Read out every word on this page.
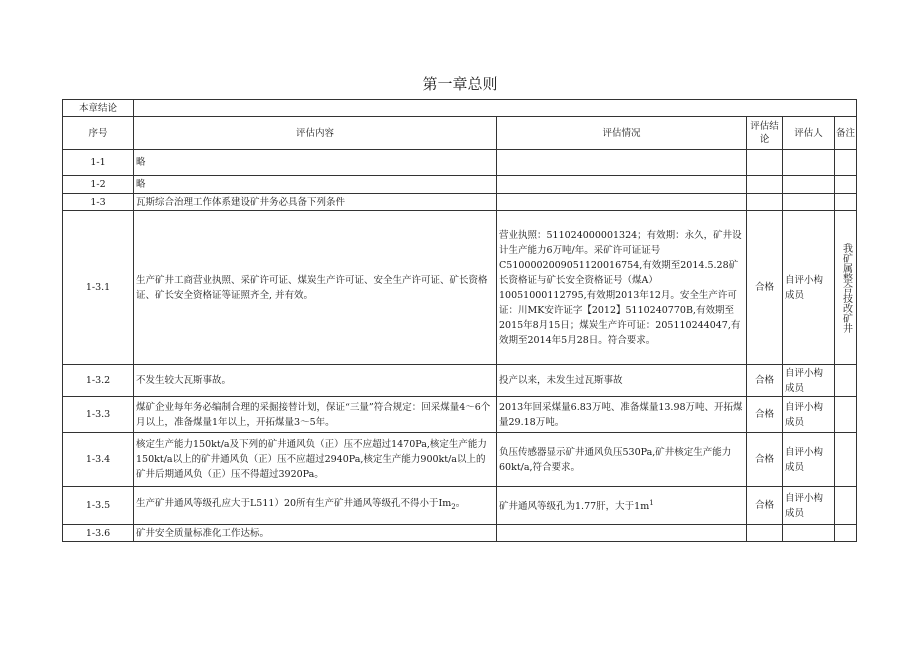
第一章总则
本章结论					
序号	评估内容	评估情况	评估结论	评估人	备注
1-1	略				
1-2	略				
1-3	瓦斯综合治理工作体系建设矿井务必具备下列条件				
1-3.1	生产矿井工商营业执照、采矿许可证、煤炭生产许可证、安全生产许可证、矿长资格证、矿长安全资格证等证照齐全, 并有效。	营业执照：511024000001324；有效期：永久，矿井设计生产能力6万吨/年。采矿许可证证号C5100002009051120016754,有效期至2014.5.28矿长资格证与矿长安全资格证号（煤A）10051000112795,有效期2013年12月。安全生产许可证：川MK安许证字【2012】5110240770B,有效期至2015年8月15日；煤炭生产许可证：205110244047,有效期至2014年5月28日。符合要求。	合格	自评小构成员	我矿属整合技改矿井

1-3.2	不发生较大瓦斯事故。	投产以来，未发生过瓦斯事故	合格	自评小构成员	
1-3.3	煤矿企业每年务必编制合理的采掘接替计划，保证“三量”符合规定：回采煤量4～6个月以上，准备煤量1年以上，开拓煤量3～5年。	2013年回采煤量6.83万吨、准备煤量13.98万吨、开拓煤量29.18万吨。	合格	自评小构成员	
1-3.4	核定生产能力150kt/a及下列的矿井通风负（正）压不应超过1470Pa,核定生产能力150kt/a以上的矿井通风负（正）压不应超过2940Pa,核定生产能力900kt/a以上的矿井后期通风负（正）压不得超过3920Pa。	负压传感器显示矿井通风负压530Pa,矿井核定生产能力60kt/a,符合要求。	合格	自评小构成员	
1-3.5	生产矿井通风等级孔应大于L511）20所有生产矿井通风等级孔不得小于$Im_2$。	矿井通风等级孔为1.77肝，大于$1m^1$	合格	自评小构成员	
1-3.6	矿井安全质量标准化工作达标。				
